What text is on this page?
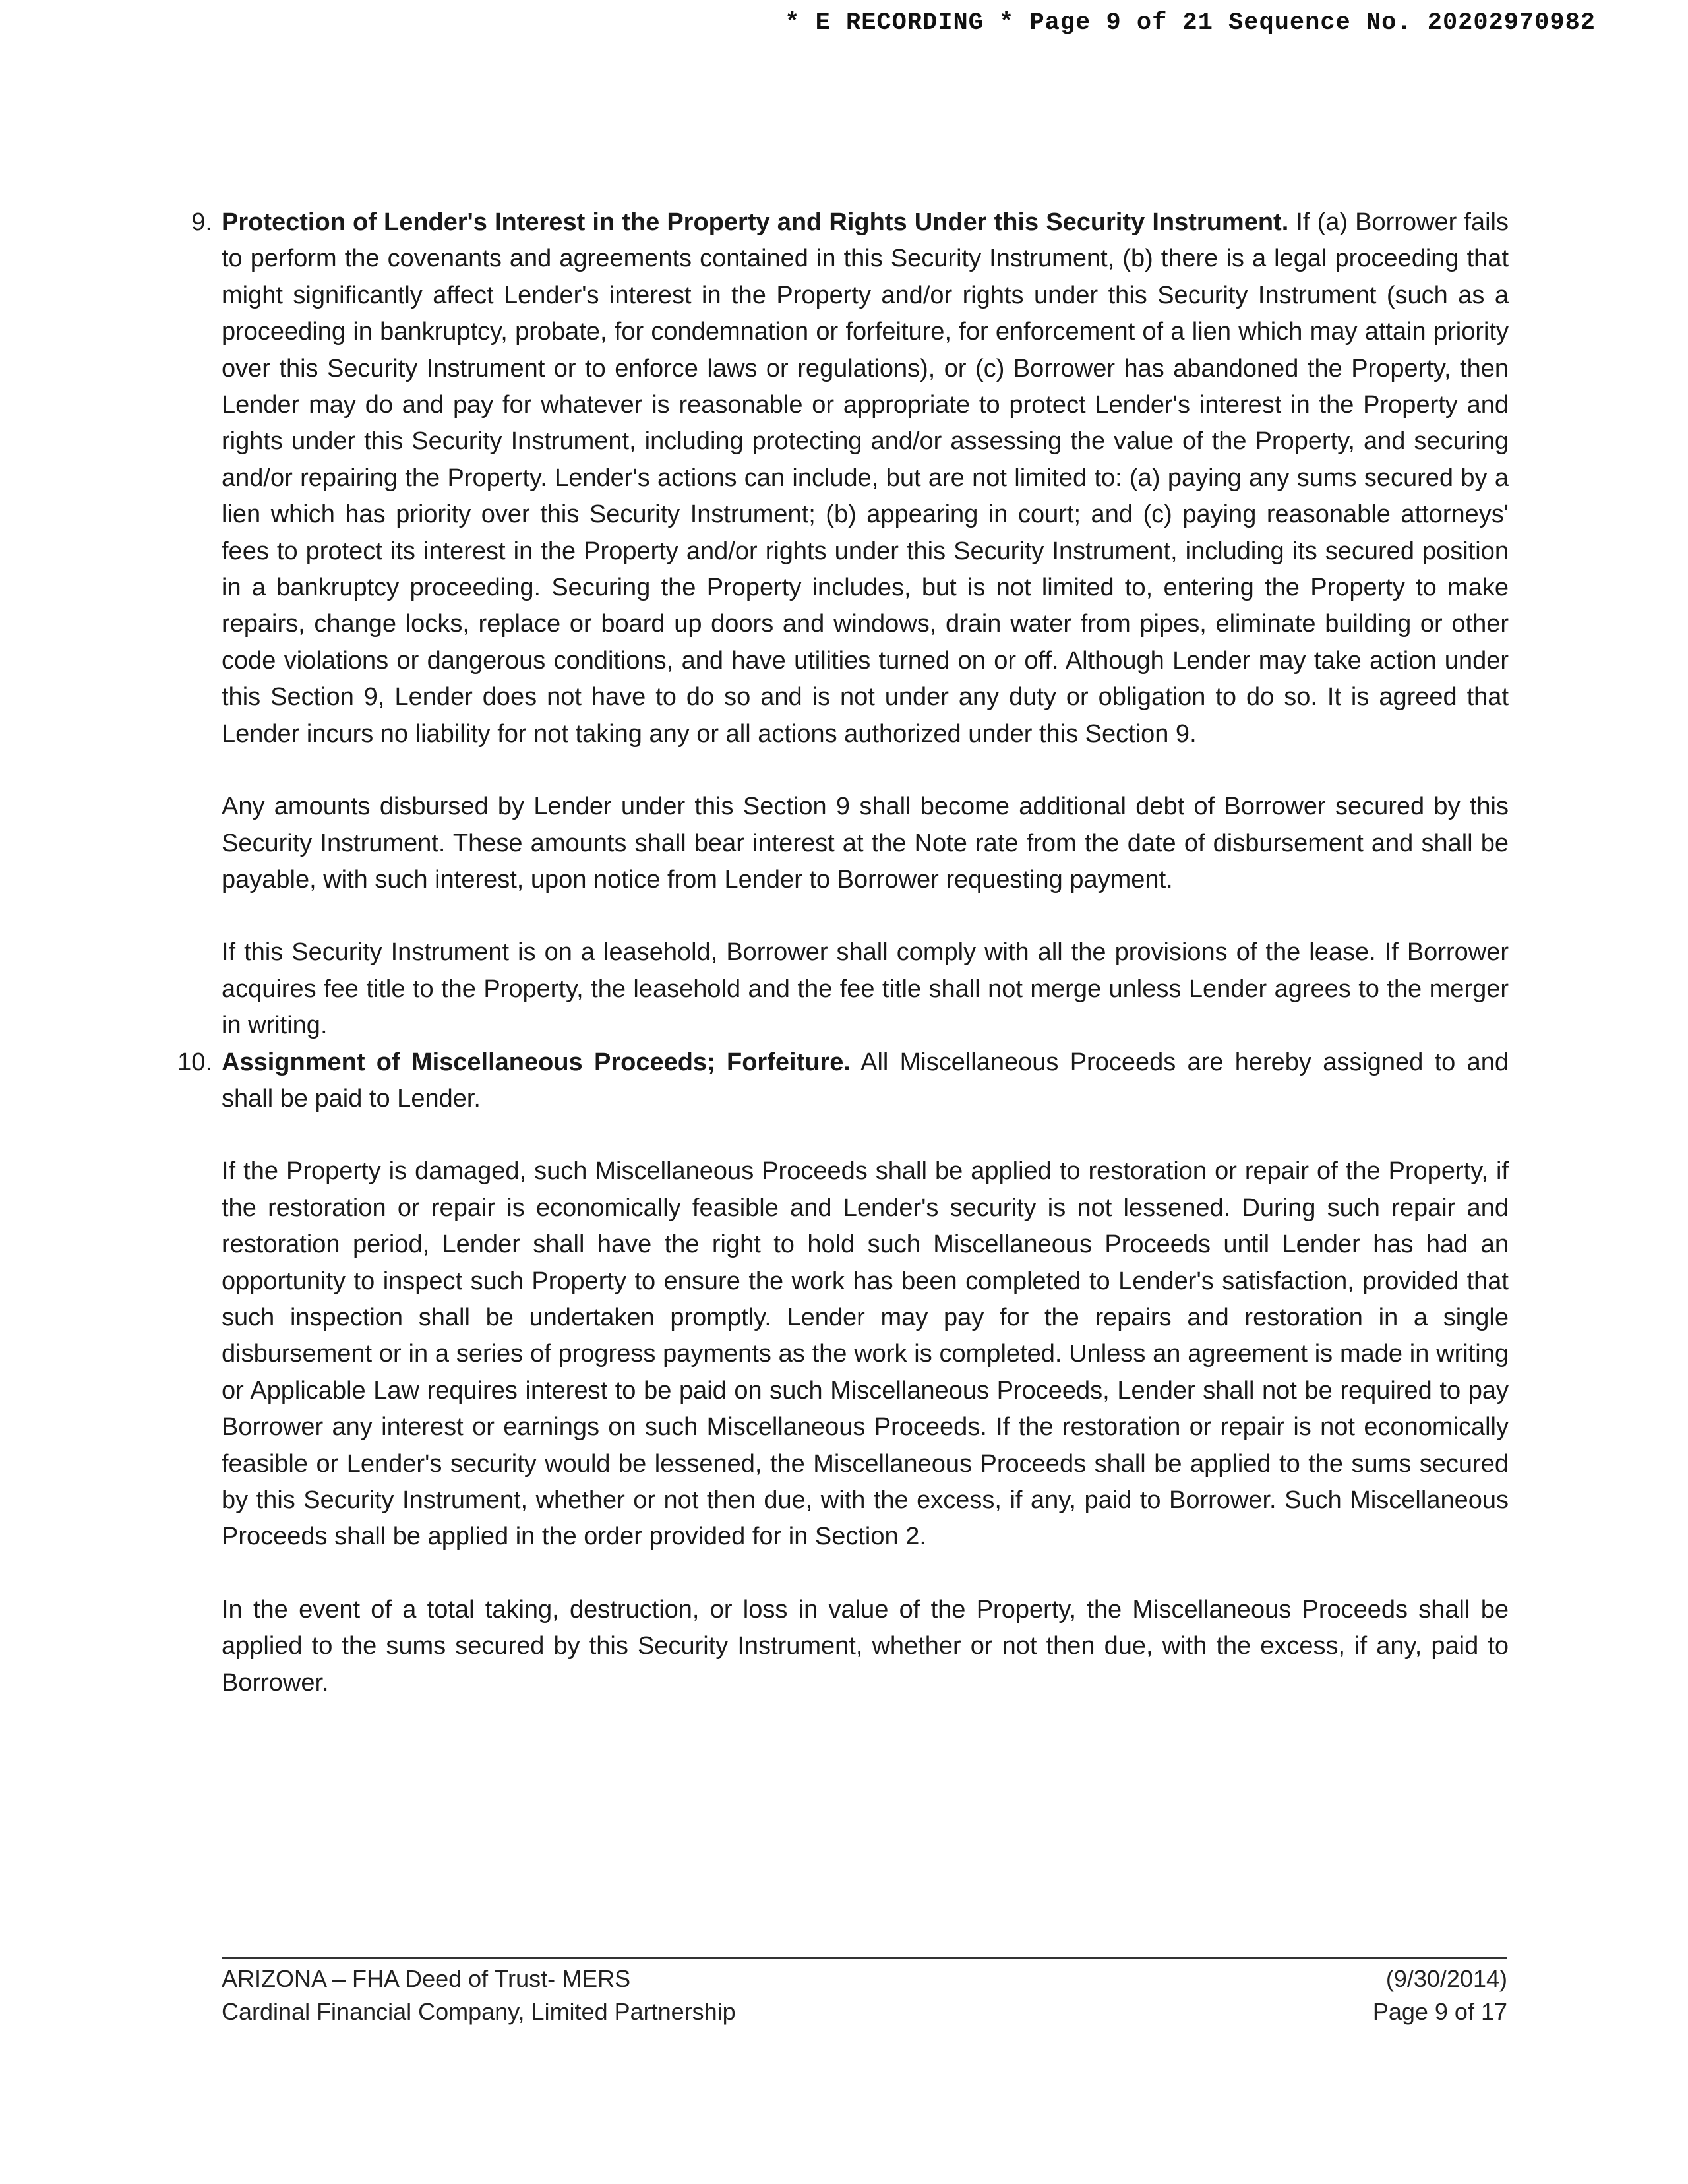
* E RECORDING * Page 9 of 21 Sequence No. 20202970982
9. Protection of Lender's Interest in the Property and Rights Under this Security Instrument. If (a) Borrower fails to perform the covenants and agreements contained in this Security Instrument, (b) there is a legal proceeding that might significantly affect Lender's interest in the Property and/or rights under this Security Instrument (such as a proceeding in bankruptcy, probate, for condemnation or forfeiture, for enforcement of a lien which may attain priority over this Security Instrument or to enforce laws or regulations), or (c) Borrower has abandoned the Property, then Lender may do and pay for whatever is reasonable or appropriate to protect Lender's interest in the Property and rights under this Security Instrument, including protecting and/or assessing the value of the Property, and securing and/or repairing the Property. Lender's actions can include, but are not limited to: (a) paying any sums secured by a lien which has priority over this Security Instrument; (b) appearing in court; and (c) paying reasonable attorneys' fees to protect its interest in the Property and/or rights under this Security Instrument, including its secured position in a bankruptcy proceeding. Securing the Property includes, but is not limited to, entering the Property to make repairs, change locks, replace or board up doors and windows, drain water from pipes, eliminate building or other code violations or dangerous conditions, and have utilities turned on or off. Although Lender may take action under this Section 9, Lender does not have to do so and is not under any duty or obligation to do so. It is agreed that Lender incurs no liability for not taking any or all actions authorized under this Section 9.

Any amounts disbursed by Lender under this Section 9 shall become additional debt of Borrower secured by this Security Instrument. These amounts shall bear interest at the Note rate from the date of disbursement and shall be payable, with such interest, upon notice from Lender to Borrower requesting payment.

If this Security Instrument is on a leasehold, Borrower shall comply with all the provisions of the lease. If Borrower acquires fee title to the Property, the leasehold and the fee title shall not merge unless Lender agrees to the merger in writing.

10. Assignment of Miscellaneous Proceeds; Forfeiture. All Miscellaneous Proceeds are hereby assigned to and shall be paid to Lender.

If the Property is damaged, such Miscellaneous Proceeds shall be applied to restoration or repair of the Property, if the restoration or repair is economically feasible and Lender's security is not lessened. During such repair and restoration period, Lender shall have the right to hold such Miscellaneous Proceeds until Lender has had an opportunity to inspect such Property to ensure the work has been completed to Lender's satisfaction, provided that such inspection shall be undertaken promptly. Lender may pay for the repairs and restoration in a single disbursement or in a series of progress payments as the work is completed. Unless an agreement is made in writing or Applicable Law requires interest to be paid on such Miscellaneous Proceeds, Lender shall not be required to pay Borrower any interest or earnings on such Miscellaneous Proceeds. If the restoration or repair is not economically feasible or Lender's security would be lessened, the Miscellaneous Proceeds shall be applied to the sums secured by this Security Instrument, whether or not then due, with the excess, if any, paid to Borrower. Such Miscellaneous Proceeds shall be applied in the order provided for in Section 2.

In the event of a total taking, destruction, or loss in value of the Property, the Miscellaneous Proceeds shall be applied to the sums secured by this Security Instrument, whether or not then due, with the excess, if any, paid to Borrower.

ARIZONA – FHA Deed of Trust- MERS
Cardinal Financial Company, Limited Partnership
(9/30/2014)
Page 9 of 17
